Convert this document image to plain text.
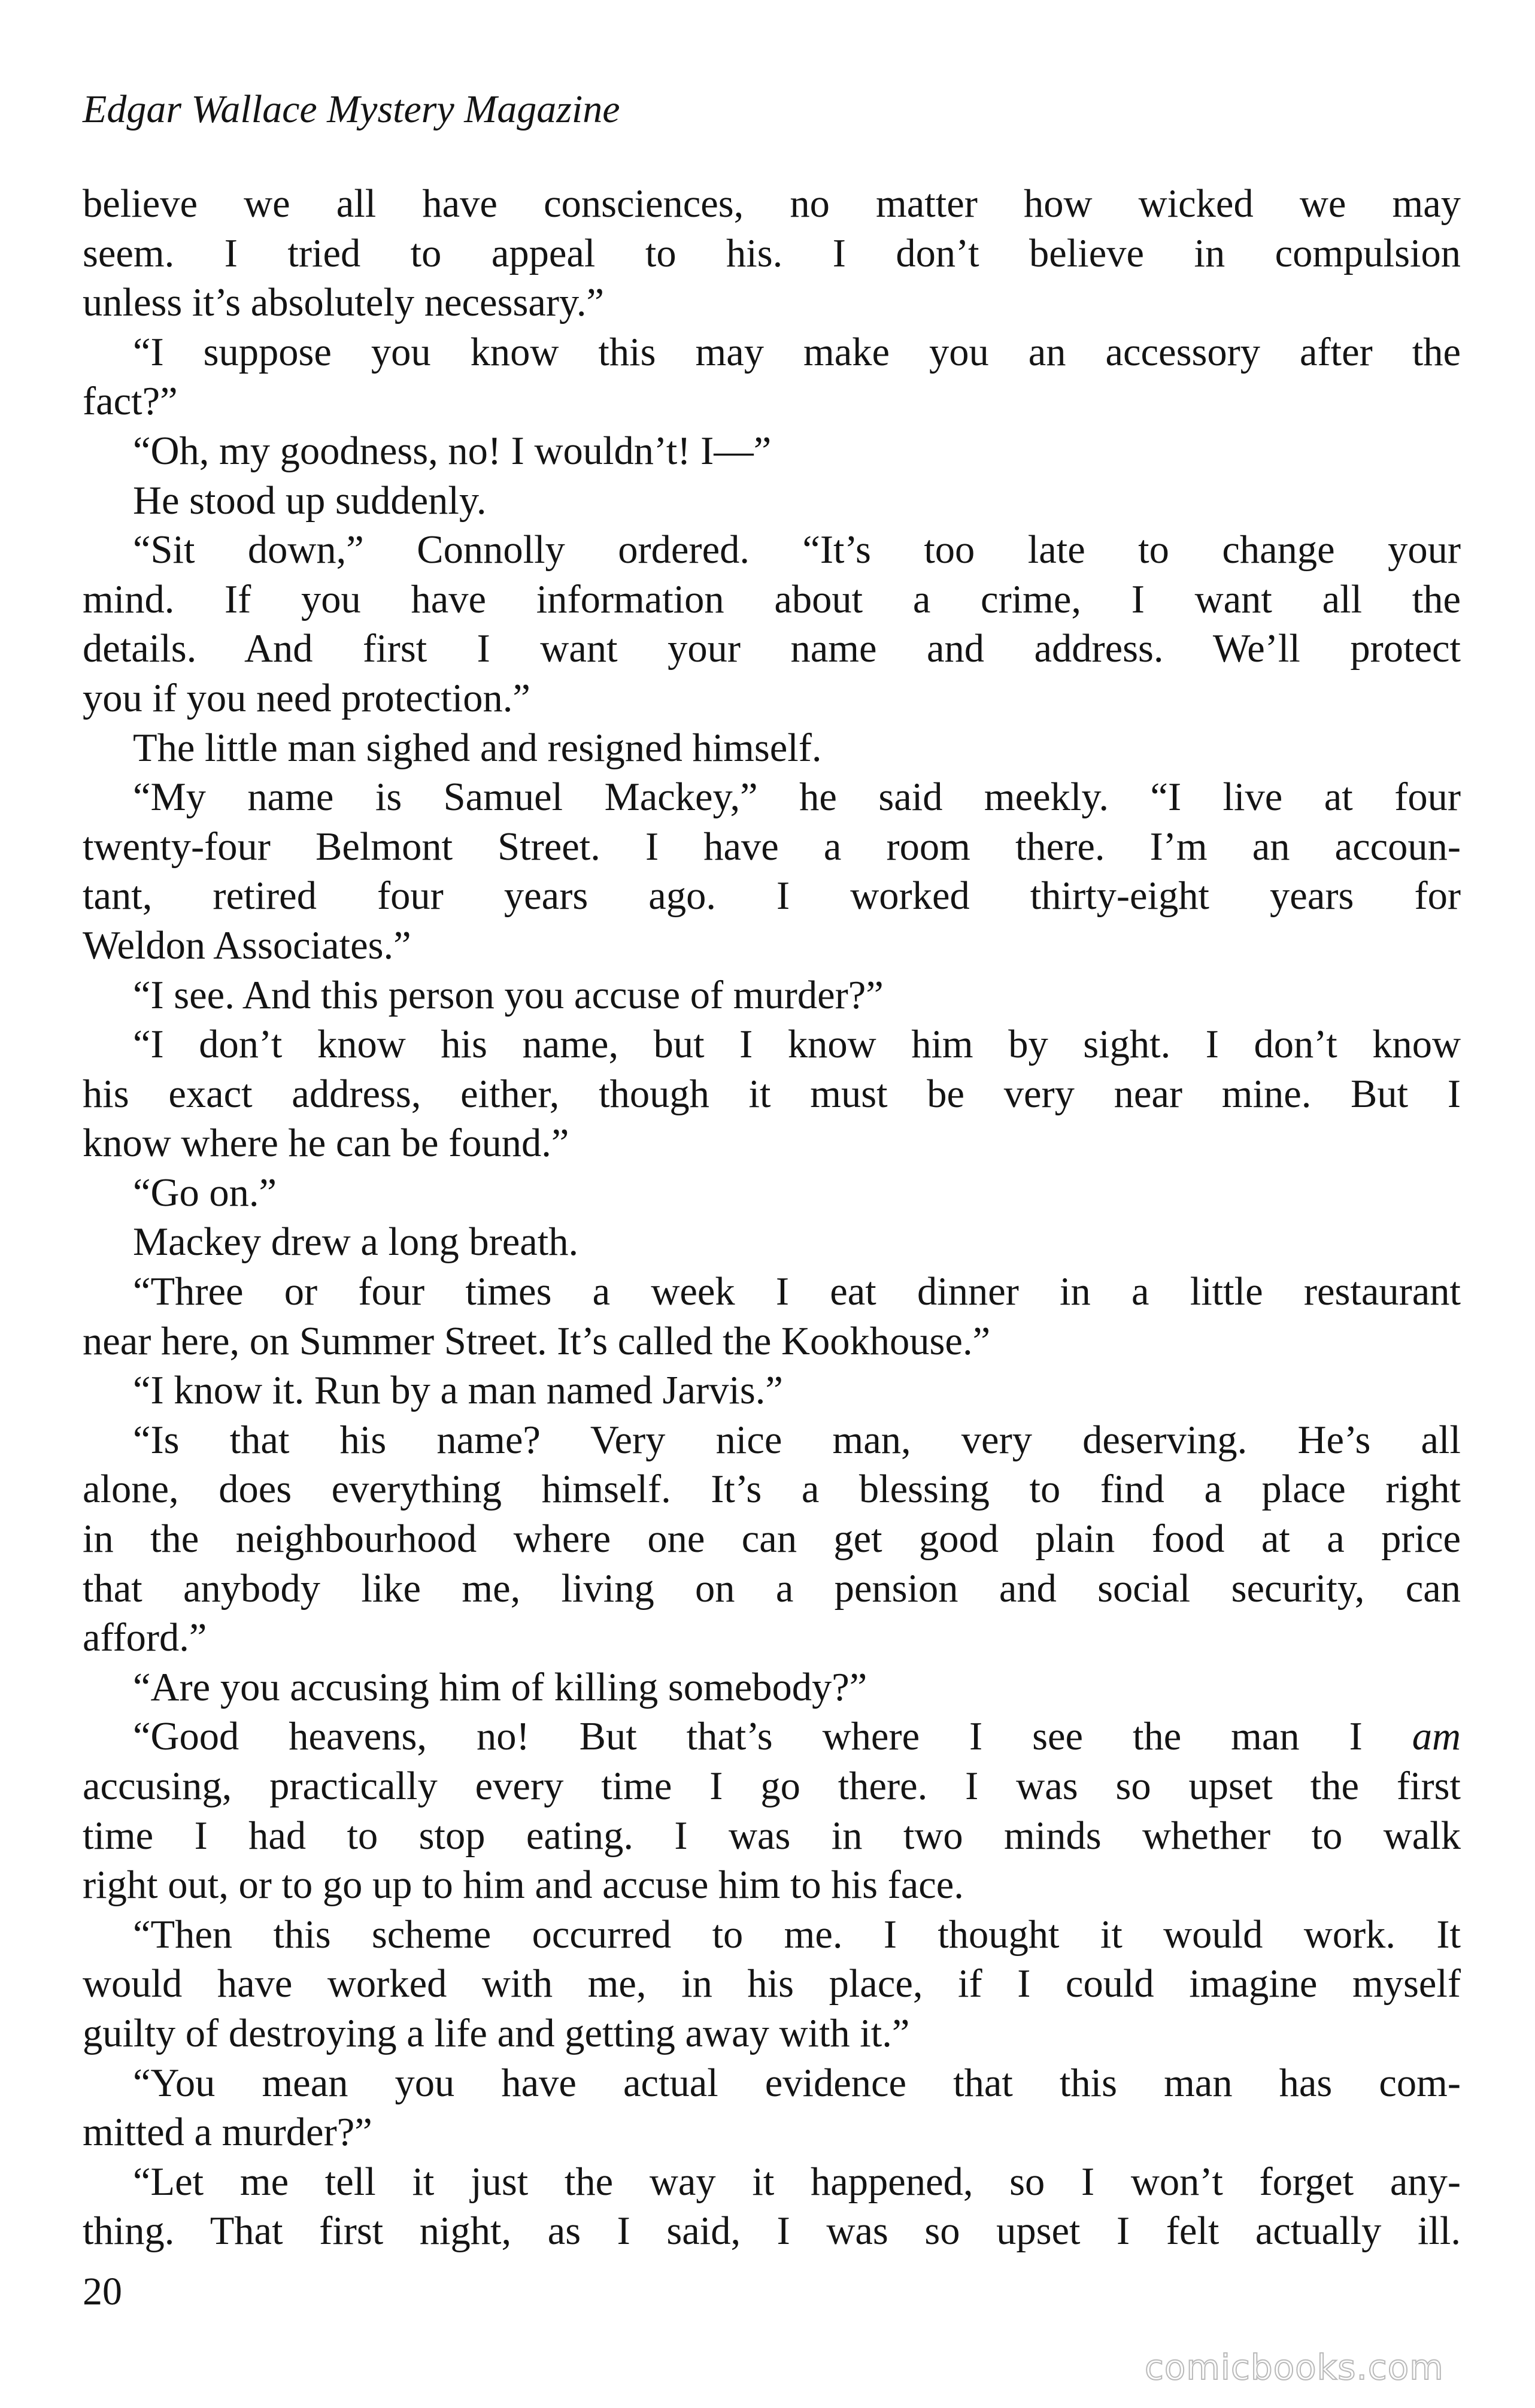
Edgar Wallace Mystery Magazine
believe we all have consciences, no matter how wicked we may
seem. I tried to appeal to his. I don’t believe in compulsion
unless it’s absolutely necessary.”
“I suppose you know this may make you an accessory after the
fact?”
“Oh, my goodness, no! I wouldn’t! I—”
He stood up suddenly.
“Sit down,” Connolly ordered. “It’s too late to change your
mind. If you have information about a crime, I want all the
details. And first I want your name and address. We’ll protect
you if you need protection.”
The little man sighed and resigned himself.
“My name is Samuel Mackey,” he said meekly. “I live at four
twenty-four Belmont Street. I have a room there. I’m an accoun-
tant, retired four years ago. I worked thirty-eight years for
Weldon Associates.”
“I see. And this person you accuse of murder?”
“I don’t know his name, but I know him by sight. I don’t know
his exact address, either, though it must be very near mine. But I
know where he can be found.”
“Go on.”
Mackey drew a long breath.
“Three or four times a week I eat dinner in a little restaurant
near here, on Summer Street. It’s called the Kookhouse.”
“I know it. Run by a man named Jarvis.”
“Is that his name? Very nice man, very deserving. He’s all
alone, does everything himself. It’s a blessing to find a place right
in the neighbourhood where one can get good plain food at a price
that anybody like me, living on a pension and social security, can
afford.”
“Are you accusing him of killing somebody?”
“Good heavens, no! But that’s where I see the man I am
accusing, practically every time I go there. I was so upset the first
time I had to stop eating. I was in two minds whether to walk
right out, or to go up to him and accuse him to his face.
“Then this scheme occurred to me. I thought it would work. It
would have worked with me, in his place, if I could imagine myself
guilty of destroying a life and getting away with it.”
“You mean you have actual evidence that this man has com-
mitted a murder?”
“Let me tell it just the way it happened, so I won’t forget any-
thing. That first night, as I said, I was so upset I felt actually ill.
20
comicbooks.com
